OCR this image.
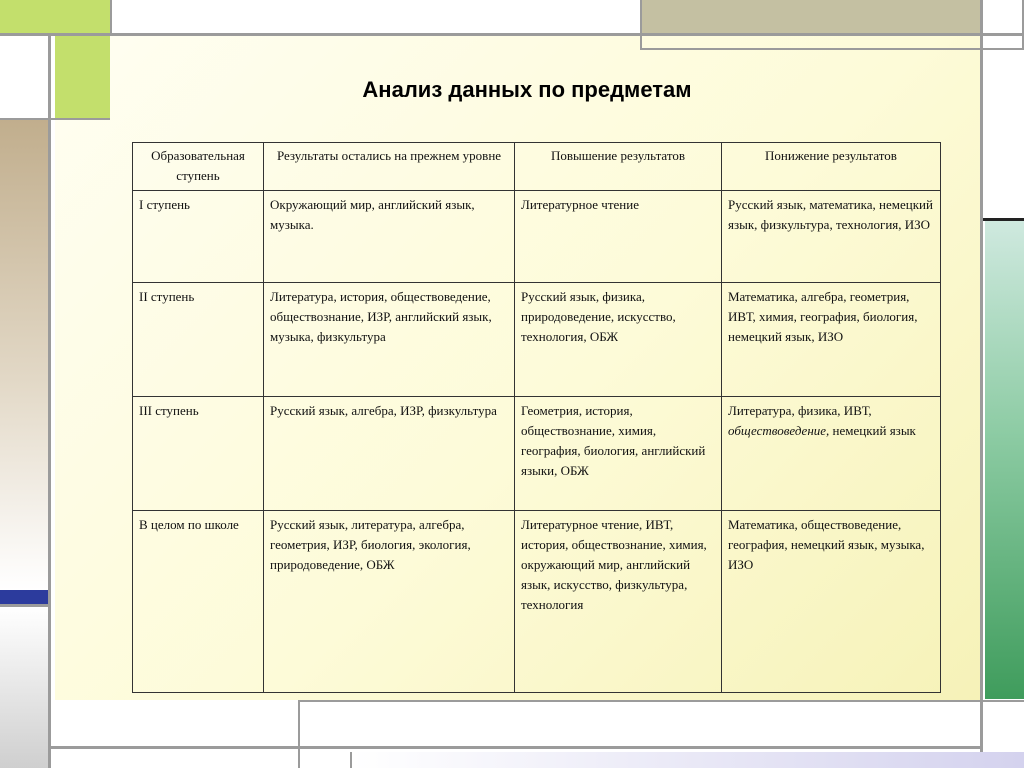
Анализ данных по предметам
Образовательная ступень	Результаты остались на прежнем уровне	Повышение результатов	Понижение результатов
I ступень	Окружающий мир, английский язык, музыка.	Литературное чтение	Русский язык, математика, немецкий язык, физкультура, технология, ИЗО
II ступень	Литература, история, обществоведение, обществознание, ИЗР, английский язык, музыка, физкультура	Русский язык, физика, природоведение, искусство, технология, ОБЖ	Математика, алгебра, геометрия, ИВТ, химия, география, биология, немецкий язык, ИЗО
III ступень	Русский язык, алгебра, ИЗР, физкультура	Геометрия, история, обществознание, химия, география, биология, английский языки, ОБЖ	Литература, физика, ИВТ, обществоведение, немецкий язык
В целом по школе	Русский язык, литература, алгебра, геометрия, ИЗР, биология, экология, природоведение, ОБЖ	Литературное чтение, ИВТ, история, обществознание, химия, окружающий мир, английский язык, искусство, физкультура, технология	Математика, обществоведение, география, немецкий язык, музыка, ИЗО
